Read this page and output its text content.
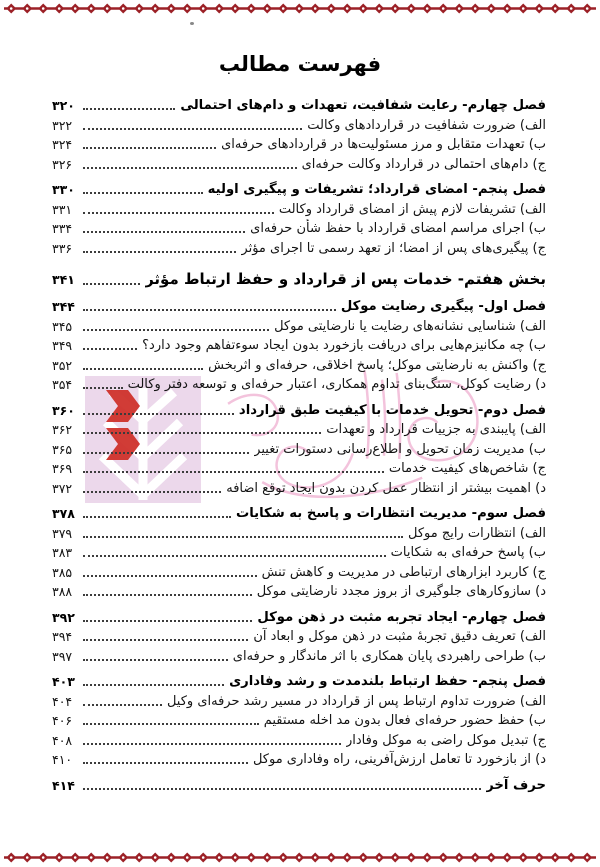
فهرست مطالب
فصل چهارم- رعایت شفافیت، تعهدات و دام‌های احتمالی
۳۲۰
الف) ضرورت شفافیت در قراردادهای وکالت
۳۲۲
ب) تعهدات متقابل و مرز مسئولیت‌ها در قراردادهای حرفه‌ای
۳۲۴
ج) دام‌های احتمالی در قرارداد وکالت حرفه‌ای
۳۲۶
فصل پنجم- امضای قرارداد؛ تشریفات و پیگیری اولیه
۳۳۰
الف) تشریفات لازم پیش از امضای قرارداد وکالت
۳۳۱
ب) اجرای مراسم امضای قرارداد با حفظ شأن حرفه‌ای
۳۳۴
ج) پیگیری‌های پس از امضا؛ از تعهد رسمی تا اجرای مؤثر
۳۳۶
بخش هفتم- خدمات پس از قرارداد و حفظ ارتباط مؤثر
۳۴۱
فصل اول- پیگیری رضایت موکل
۳۴۴
الف) شناسایی نشانه‌های رضایت یا نارضایتی موکل
۳۴۵
ب) چه مکانیزم‌هایی برای دریافت بازخورد بدون ایجاد سوءتفاهم وجود دارد؟
۳۴۹
ج) واکنش به نارضایتی موکل؛ پاسخ اخلاقی، حرفه‌ای و اثربخش
۳۵۲
د) رضایت کوکل، سنگ‌بنای تداوم همکاری، اعتبار حرفه‌ای و توسعه دفتر وکالت
۳۵۴
فصل دوم- تحویل خدمات با کیفیت طبق قرارداد
۳۶۰
الف) پایبندی به جزییات قرارداد و تعهدات
۳۶۲
ب) مدیریت زمان تحویل و اطلاع‌رسانی دستورات تغییر
۳۶۵
ج) شاخص‌های کیفیت خدمات
۳۶۹
د) اهمیت بیشتر از انتظار عمل کردن بدون ایجاد توقع اضافه
۳۷۲
فصل سوم- مدیریت انتظارات و پاسخ به شکایات
۳۷۸
الف) انتظارات رایج موکل
۳۷۹
ب) پاسخ حرفه‌ای به شکایات
۳۸۳
ج) کاربرد ابزارهای ارتباطی در مدیریت و کاهش تنش
۳۸۵
د) سازوکارهای جلوگیری از بروز مجدد نارضایتی موکل
۳۸۸
فصل چهارم- ایجاد تجربه مثبت در ذهن موکل
۳۹۲
الف) تعریف دقیق تجربهٔ مثبت در ذهن موکل و ابعاد آن
۳۹۴
ب) طراحی راهبردی پایان همکاری با اثر ماندگار و حرفه‌ای
۳۹۷
فصل پنجم- حفظ ارتباط بلندمدت و رشد وفاداری
۴۰۳
الف) ضرورت تداوم ارتباط پس از قرارداد در مسیر رشد حرفه‌ای وکیل
۴۰۴
ب) حفظ حضور حرفه‌ای فعال بدون مد اخله مستقیم
۴۰۶
ج) تبدیل موکل راضی به موکل وفادار
۴۰۸
د) از بازخورد تا تعامل ارزش‌آفرینی، راه وفاداری موکل
۴۱۰
حرف آخر
۴۱۴
